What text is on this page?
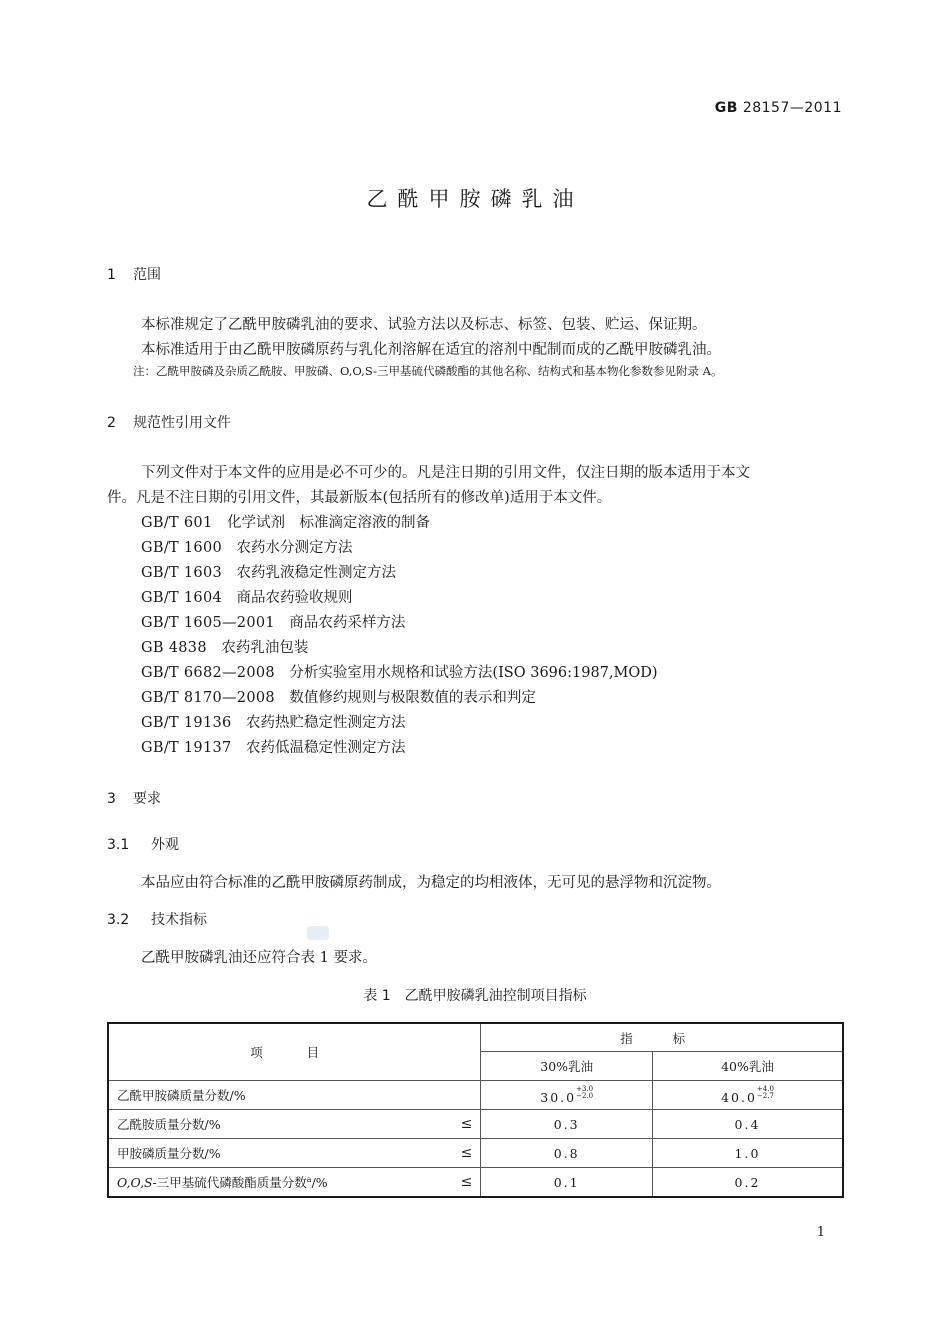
GB 28157—2011
乙酰甲胺磷乳油
1 范围
本标准规定了乙酰甲胺磷乳油的要求、试验方法以及标志、标签、包装、贮运、保证期。
本标准适用于由乙酰甲胺磷原药与乳化剂溶解在适宜的溶剂中配制而成的乙酰甲胺磷乳油。
注：乙酰甲胺磷及杂质乙酰胺、甲胺磷、O,O,S-三甲基硫代磷酸酯的其他名称、结构式和基本物化参数参见附录 A。
2 规范性引用文件
下列文件对于本文件的应用是必不可少的。凡是注日期的引用文件，仅注日期的版本适用于本文
件。凡是不注日期的引用文件，其最新版本(包括所有的修改单)适用于本文件。
GB/T 601　 化学试剂　标准滴定溶液的制备
GB/T 1600　 农药水分测定方法
GB/T 1603　 农药乳液稳定性测定方法
GB/T 1604　 商品农药验收规则
GB/T 1605—2001　 商品农药采样方法
GB 4838　 农药乳油包装
GB/T 6682—2008　 分析实验室用水规格和试验方法(ISO 3696:1987,MOD)
GB/T 8170—2008　 数值修约规则与极限数值的表示和判定
GB/T 19136　 农药热贮稳定性测定方法
GB/T 19137　 农药低温稳定性测定方法
3 要求
3.1 外观
本品应由符合标准的乙酰甲胺磷原药制成，为稳定的均相液体，无可见的悬浮物和沉淀物。
3.2 技术指标
乙酰甲胺磷乳油还应符合表 1 要求。
表 1　乙酰甲胺磷乳油控制项目指标
项 目	指 标	
	30%乳油	40%乳油
乙酰甲胺磷质量分数/%	$30.0^{+3.0 -2.0}$	$40.0^{+4.0 -2.7}$

乙酰胺质量分数/% ≤	0.3	0.4

甲胺磷质量分数/% ≤	0.8	1.0

O,O,S-三甲基硫代磷酸酯质量分数$^a$/% ≤	0.1	0.2
1
